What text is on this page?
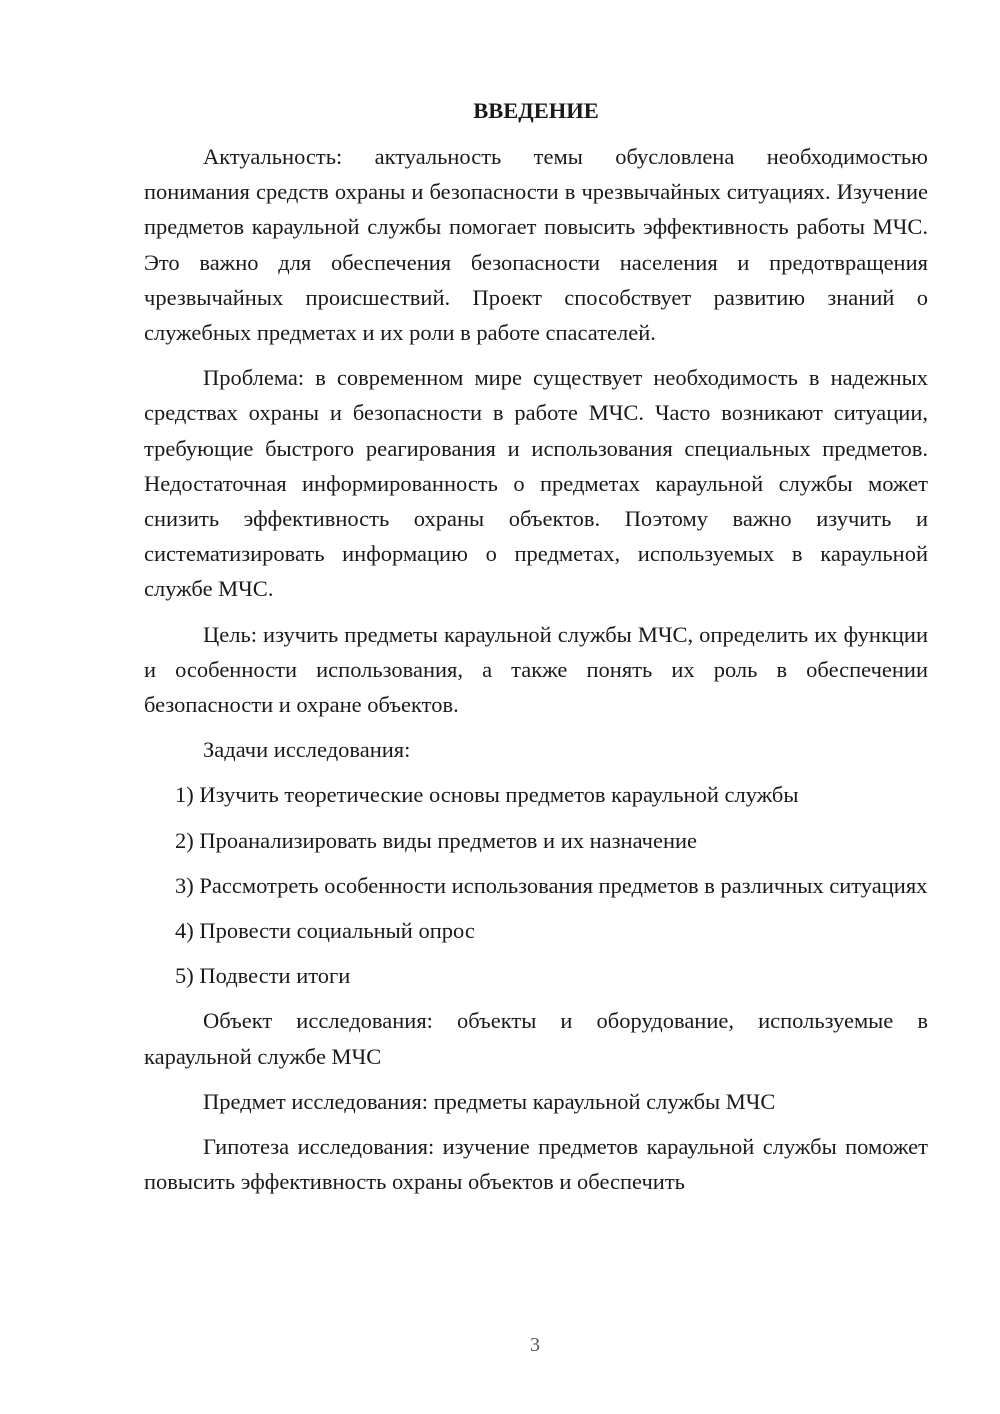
ВВЕДЕНИЕ

Актуальность: актуальность темы обусловлена необходимостью понимания средств охраны и безопасности в чрезвычайных ситуациях. Изучение предметов караульной службы помогает повысить эффективность работы МЧС. Это важно для обеспечения безопасности населения и предотвращения чрезвычайных происшествий. Проект способствует развитию знаний о служебных предметах и их роли в работе спасателей.

Проблема: в современном мире существует необходимость в надежных средствах охраны и безопасности в работе МЧС. Часто возникают ситуации, требующие быстрого реагирования и использования специальных предметов. Недостаточная информированность о предметах караульной службы может снизить эффективность охраны объектов. Поэтому важно изучить и систематизировать информацию о предметах, используемых в караульной службе МЧС.

Цель: изучить предметы караульной службы МЧС, определить их функции и особенности использования, а также понять их роль в обеспечении безопасности и охране объектов.

Задачи исследования:

1) Изучить теоретические основы предметов караульной службы

2) Проанализировать виды предметов и их назначение

3) Рассмотреть особенности использования предметов в различных ситуациях

4) Провести социальный опрос

5) Подвести итоги

Объект исследования: объекты и оборудование, используемые в караульной службе МЧС

Предмет исследования: предметы караульной службы МЧС

Гипотеза исследования: изучение предметов караульной службы поможет повысить эффективность охраны объектов и обеспечить

3
